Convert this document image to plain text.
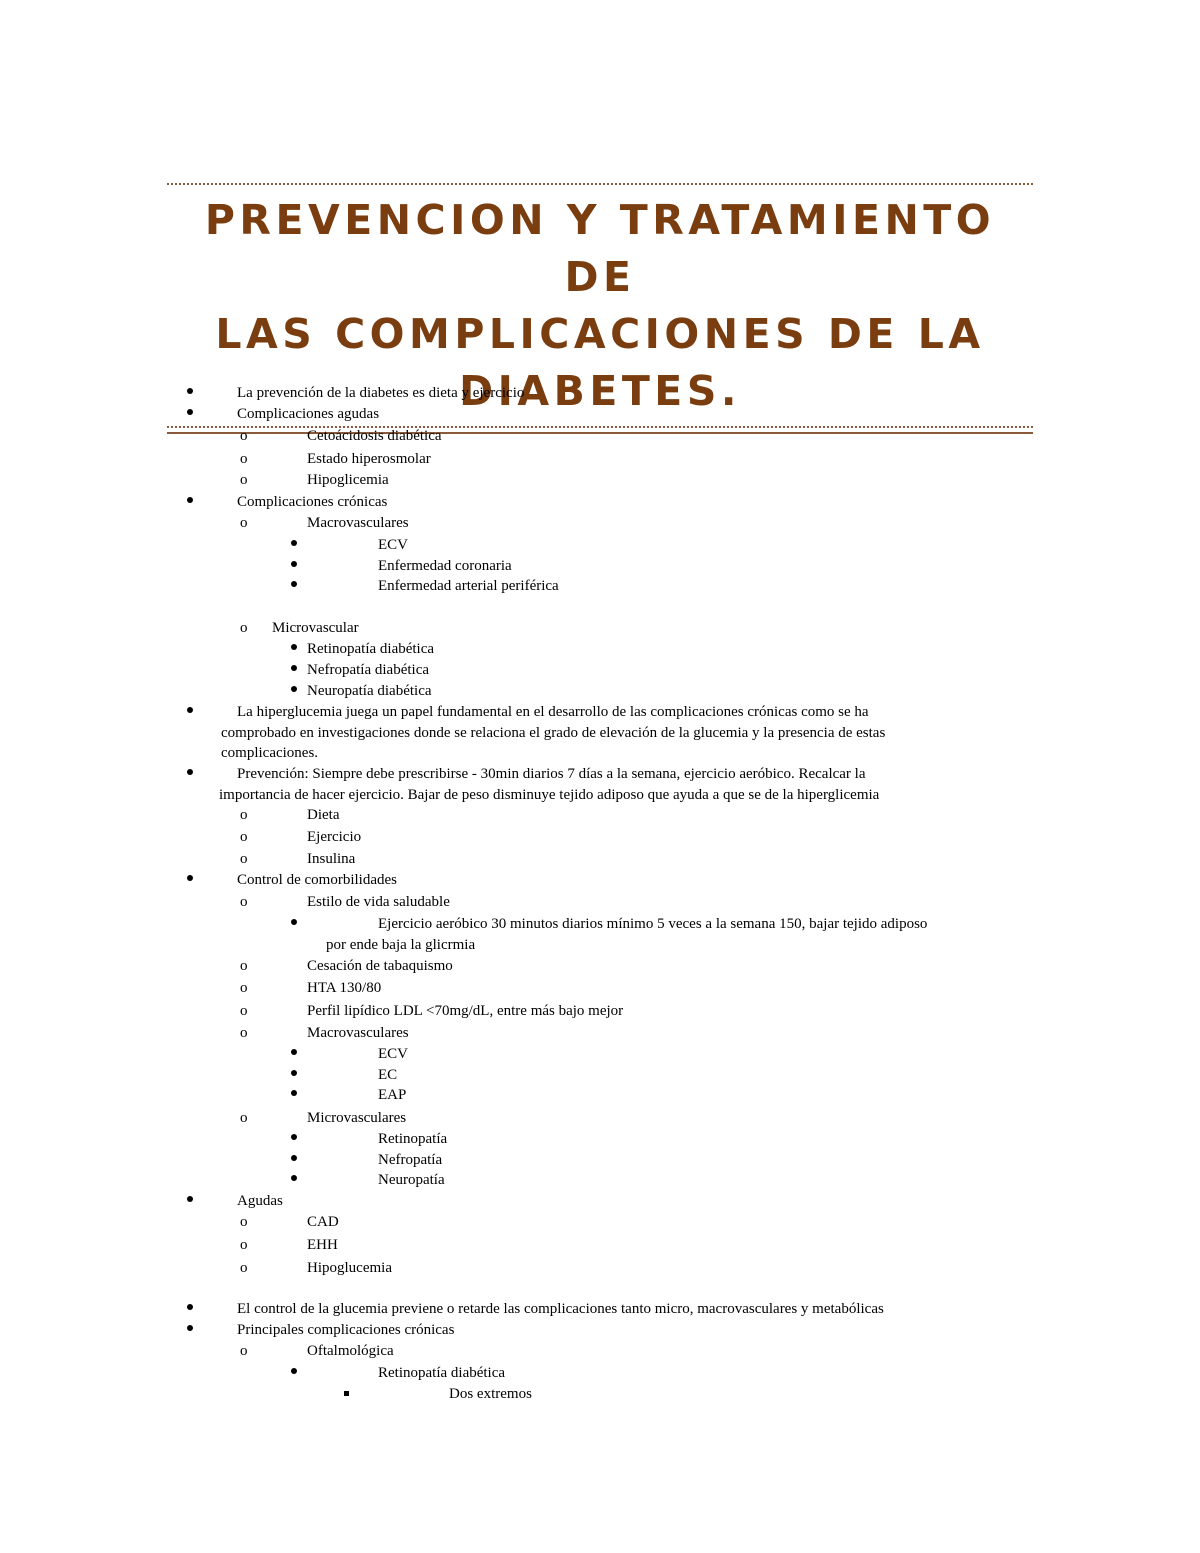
PREVENCION Y TRATAMIENTO DE
LAS COMPLICACIONES DE LA
DIABETES.
La prevención de la diabetes es dieta y ejercicio
Complicaciones agudas
o	Cetoácidosis diabética
o	Estado hiperosmolar
o	Hipoglicemia
Complicaciones crónicas
o	Macrovasculares
ECV
Enfermedad coronaria
Enfermedad arterial periférica
o Microvascular
Retinopatía diabética
Nefropatía diabética
Neuropatía diabética
La hiperglucemia juega un papel fundamental en el desarrollo de las complicaciones crónicas como se ha
comprobado en investigaciones donde se relaciona el grado de elevación de la glucemia y la presencia de estas
complicaciones.
Prevención: Siempre debe prescribirse - 30min diarios 7 días a la semana, ejercicio aeróbico. Recalcar la
importancia de hacer ejercicio. Bajar de peso disminuye tejido adiposo que ayuda a que se de la hiperglicemia
o	Dieta
o	Ejercicio
o	Insulina
Control de comorbilidades
o	Estilo de vida saludable
Ejercicio aeróbico 30 minutos diarios mínimo 5 veces a la semana 150, bajar tejido adiposo
por ende baja la glicrmia
o	Cesación de tabaquismo
o	HTA 130/80
o	Perfil lipídico LDL <70mg/dL, entre más bajo mejor
o	Macrovasculares
ECV
EC
EAP
o	Microvasculares
Retinopatía
Nefropatía
Neuropatía
Agudas
o	CAD
o	EHH
o	Hipoglucemia
El control de la glucemia previene o retarde las complicaciones tanto micro, macrovasculares y metabólicas
Principales complicaciones crónicas
o	Oftalmológica
Retinopatía diabética
Dos extremos
